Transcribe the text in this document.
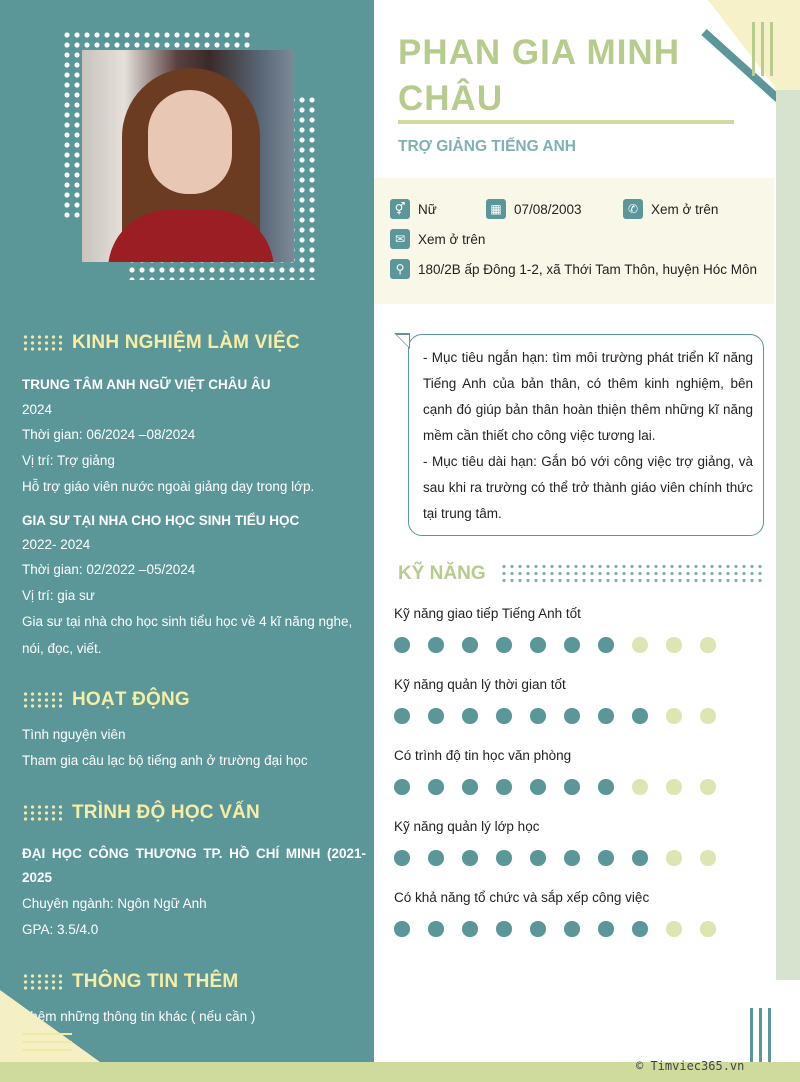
KINH NGHIỆM LÀM VIỆC
TRUNG TÂM ANH NGỮ VIỆT CHÂU ÂU
2024
Thời gian: 06/2024 –08/2024
Vị trí: Trợ giảng
Hỗ trợ giáo viên nước ngoài giảng dạy trong lớp.
GIA SƯ TẠI NHA CHO HỌC SINH TIỂU HỌC
2022- 2024
Thời gian: 02/2022 –05/2024
Vị trí: gia sư
Gia sư tại nhà cho học sinh tiểu học về 4 kĩ năng nghe, nói, đọc, viết.
HOẠT ĐỘNG
Tình nguyện viên
Tham gia câu lạc bộ tiếng anh ở trường đại học
TRÌNH ĐỘ HỌC VẤN
ĐẠI HỌC CÔNG THƯƠNG TP. HỒ CHÍ MINH (2021-2025
Chuyên ngành: Ngôn Ngữ Anh
GPA: 3.5/4.0
THÔNG TIN THÊM
Thêm những thông tin khác ( nếu cần )
© Timviec365.vn
PHAN GIA MINH CHÂU
TRỢ GIẢNG TIẾNG ANH
⚥ Nữ	▦ 07/08/2003	✆ Xem ở trên
✉ Xem ở trên
⚲	180/2B ấp Đông 1-2, xã Thới Tam Thôn, huyện Hóc Môn

- Mục tiêu ngắn hạn: tìm môi trường phát triển kĩ năng Tiếng Anh của bản thân, có thêm kinh nghiệm, bên cạnh đó giúp bản thân hoàn thiện thêm những kĩ năng mềm cần thiết cho công việc tương lai.

- Mục tiêu dài hạn: Gắn bó với công việc trợ giảng, và sau khi ra trường có thể trở thành giáo viên chính thức tại trung tâm.

KỸ NĂNG
Kỹ năng giao tiếp Tiếng Anh tốt
Kỹ năng quản lý thời gian tốt
Có trình độ tin học văn phòng
Kỹ năng quản lý lớp học
Có khả năng tổ chức và sắp xếp công việc
